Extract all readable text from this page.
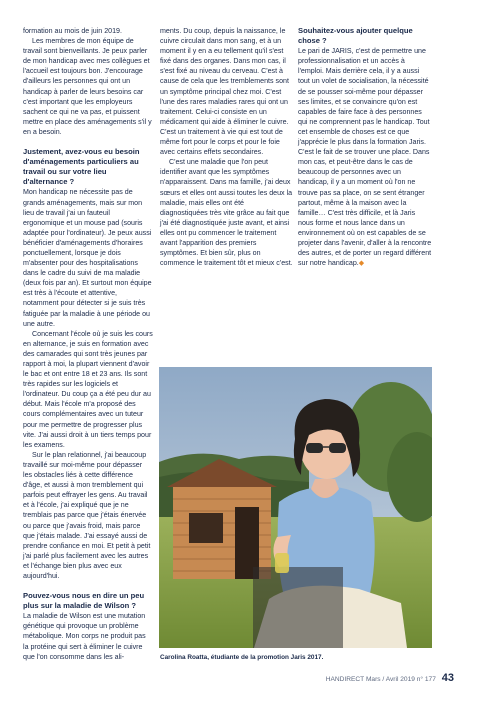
formation au mois de juin 2019.

Les membres de mon équipe de travail sont bienveillants. Je peux parler de mon handicap avec mes collègues et l'accueil est toujours bon. J'encourage d'ailleurs les personnes qui ont un handicap à parler de leurs besoins car c'est important que les employeurs sachent ce qui ne va pas, et puissent mettre en place des aménagements s'il y en a besoin.

Justement, avez-vous eu besoin d'aménagements particuliers au travail ou sur votre lieu d'alternance ?

Mon handicap ne nécessite pas de grands aménagements, mais sur mon lieu de travail j'ai un fauteuil ergonomique et un mouse pad (souris adaptée pour l'ordinateur). Je peux aussi bénéficier d'aménagements d'horaires ponctuellement, lorsque je dois m'absenter pour des hospitalisations dans le cadre du suivi de ma maladie (deux fois par an). Et surtout mon équipe est très à l'écoute et attentive, notamment pour détecter si je suis très fatiguée par la maladie à une période ou une autre.

Concernant l'école où je suis les cours en alternance, je suis en formation avec des camarades qui sont très jeunes par rapport à moi, la plupart viennent d'avoir le bac et ont entre 18 et 23 ans. Ils sont très rapides sur les logiciels et l'ordinateur. Du coup ça a été peu dur au début. Mais l'école m'a proposé des cours complémentaires avec un tuteur pour me permettre de progresser plus vite. J'ai aussi droit à un tiers temps pour les examens.

Sur le plan relationnel, j'ai beaucoup travaillé sur moi-même pour dépasser les obstacles liés à cette différence d'âge, et aussi à mon tremblement qui parfois peut effrayer les gens. Au travail et à l'école, j'ai expliqué que je ne tremblais pas parce que j'étais énervée ou parce que j'avais froid, mais parce que j'étais malade. J'ai essayé aussi de prendre confiance en moi. Et petit à petit j'ai parlé plus facilement avec les autres et l'échange bien plus avec eux aujourd'hui.

Pouvez-vous nous en dire un peu plus sur la maladie de Wilson ?

La maladie de Wilson est une mutation génétique qui provoque un problème métabolique. Mon corps ne produit pas la protéine qui sert à éliminer le cuivre que l'on consomme dans les ali-

ments. Du coup, depuis la naissance, le cuivre circulait dans mon sang, et à un moment il y en a eu tellement qu'il s'est fixé dans des organes. Dans mon cas, il s'est fixé au niveau du cerveau. C'est à cause de cela que les tremblements sont un symptôme principal chez moi. C'est l'une des rares maladies rares qui ont un traitement. Celui-ci consiste en un médicament qui aide à éliminer le cuivre. C'est un traitement à vie qui est tout de même fort pour le corps et pour le foie avec certains effets secondaires.

C'est une maladie que l'on peut identifier avant que les symptômes n'apparaissent. Dans ma famille, j'ai deux sœurs et elles ont aussi toutes les deux la maladie, mais elles ont été diagnostiquées très vite grâce au fait que j'ai été diagnostiquée juste avant, et ainsi elles ont pu commencer le traitement avant l'apparition des premiers symptômes. Et bien sûr, plus on commence le traitement tôt et mieux c'est.

Souhaitez-vous ajouter quelque chose ?

Le pari de JARIS, c'est de permettre une professionnalisation et un accès à l'emploi. Mais derrière cela, il y a aussi tout un volet de socialisation, la nécessité de se pousser soi-même pour dépasser ses limites, et se convaincre qu'on est capables de faire face à des personnes qui ne comprennent pas le handicap. Tout cet ensemble de choses est ce que j'apprécie le plus dans la formation Jaris. C'est le fait de se trouver une place. Dans mon cas, et peut-être dans le cas de beaucoup de personnes avec un handicap, il y a un moment où l'on ne trouve pas sa place, on se sent étranger partout, même à la maison avec la famille… C'est très difficile, et là Jaris nous forme et nous lance dans un environnement où on est capables de se projeter dans l'avenir, d'aller à la rencontre des autres, et de porter un regard différent sur notre handicap.◆

Carolina Roatta, étudiante de la promotion Jaris 2017.
HANDIRECT Mars / Avril 2019 n° 177 43
